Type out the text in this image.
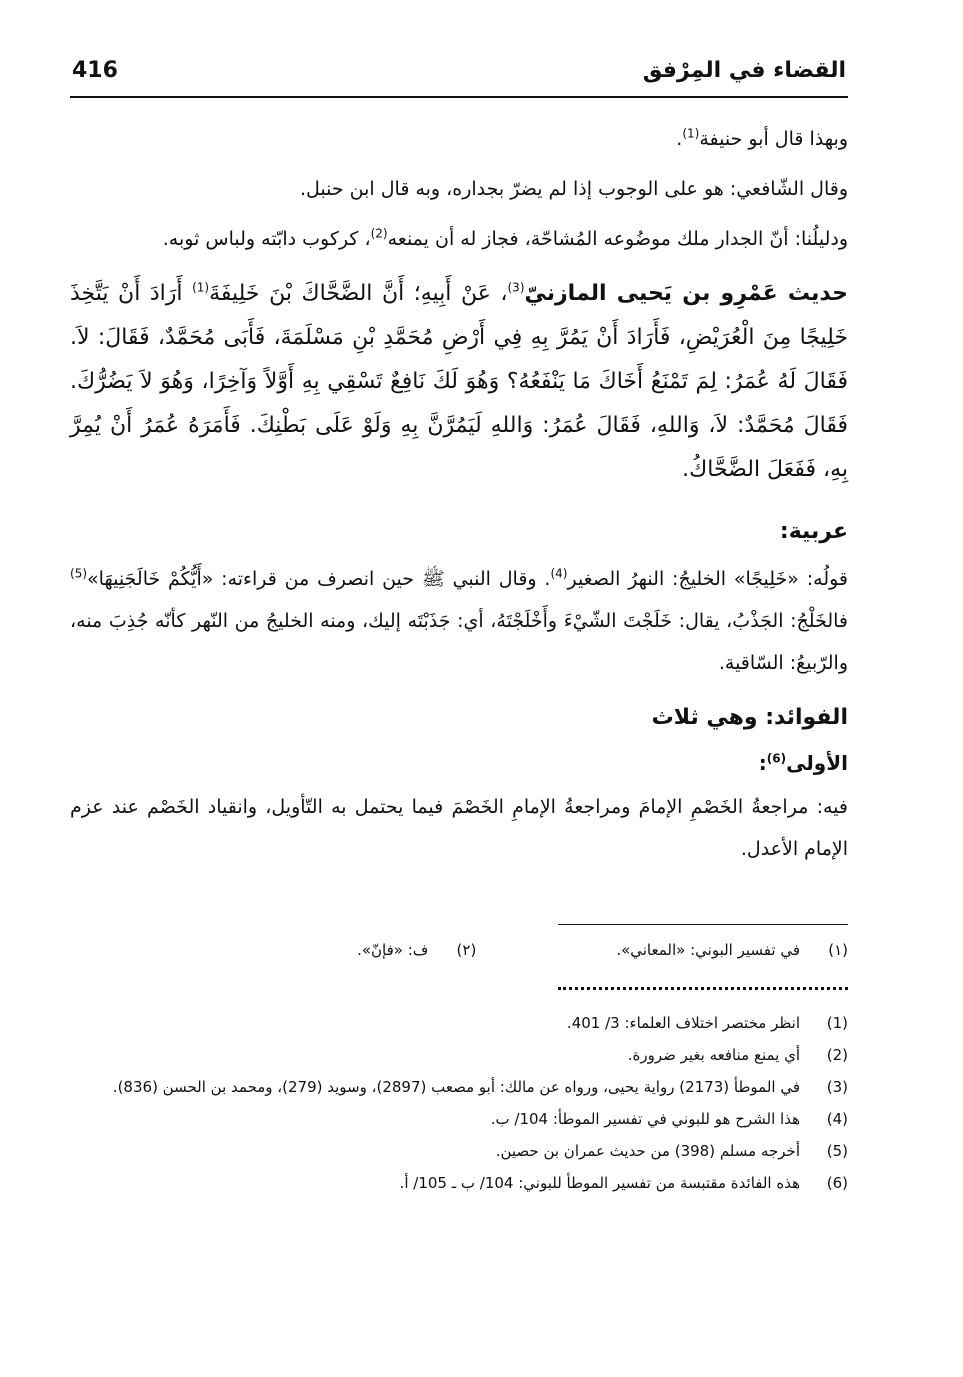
416	القضاء في المِرْفق

وبهذا قال أبو حنيفة$^{(1)}$.

وقال الشّافعي: هو على الوجوب إذا لم يضرّ بجداره، وبه قال ابن حنبل.

ودليلُنا: أنّ الجدار ملك موضُوعه المُشاحّة، فجاز له أن يمنعه$^{(2)}$، كركوب دابّته ولباس ثوبه.

حديث عَمْرِو بن يَحيى المازنيّ$^{(3)}$، عَنْ أَبِيهِ؛ أَنَّ الضَّحَّاكَ بْنَ خَلِيفَةَ$^{(1)}$ أَرَادَ أَنْ يَتَّخِذَ خَلِيجًا مِنَ الْعُرَيْضِ، فَأَرَادَ أَنْ يَمُرَّ بِهِ فِي أَرْضِ مُحَمَّدِ بْنِ مَسْلَمَةَ، فَأَبَى مُحَمَّدٌ، فَقَالَ: لاَ. فَقَالَ لَهُ عُمَرُ: لِمَ تَمْنَعُ أَخَاكَ مَا يَنْفَعُهُ؟ وَهُوَ لَكَ نَافِعٌ تَسْقِي بِهِ أَوَّلاً وَآخِرًا، وَهُوَ لاَ يَضُرُّكَ. فَقَالَ مُحَمَّدٌ: لاَ، وَاللهِ، فَقَالَ عُمَرُ: وَاللهِ لَيَمُرَّنَّ بِهِ وَلَوْ عَلَى بَطْنِكَ. فَأَمَرَهُ عُمَرُ أَنْ يُمِرَّ بِهِ، فَفَعَلَ الضَّحَّاكُ.

عربية:

قولُه: «خَلِيجًا» الخليجُ: النهرُ الصغير$^{(4)}$. وقال النبي ﷺ حين انصرف من قراءته: «أَيُّكُمْ خَالَجَنِيهَا»$^{(5)}$ فالخَلْجُ: الجَذْبُ، يقال: خَلَجْتَ الشّيْءَ وأَخْلَجْتَهُ، أي: جَذَبْتَه إليك، ومنه الخليجُ من النّهر كأنّه جُذِبَ منه، والرّبيعُ: السّاقية.

الفوائد: وهي ثلاث
الأولى$^{(6)}$:

فيه: مراجعةُ الخَصْمِ الإمامَ ومراجعةُ الإمامِ الخَصْمَ فيما يحتمل به التّأويل، وانقياد الخَصْم عند عزم الإمام الأعدل.

(١)
في تفسير البوني: «المعاني».
(٢)
ف: «فإنّ».
(1)
انظر مختصر اختلاف العلماء: 3/ 401.
(2)
أي يمنع منافعه بغير ضرورة.
(3)
في الموطأ (2173) رواية يحيى، ورواه عن مالك: أبو مصعب (2897)، وسويد (279)، ومحمد بن الحسن (836).
(4)
هذا الشرح هو للبوني في تفسير الموطأ: 104/ ب.
(5)
أخرجه مسلم (398) من حديث عمران بن حصين.
(6)
هذه الفائدة مقتبسة من تفسير الموطأ للبوني: 104/ ب ـ 105/ أ.
